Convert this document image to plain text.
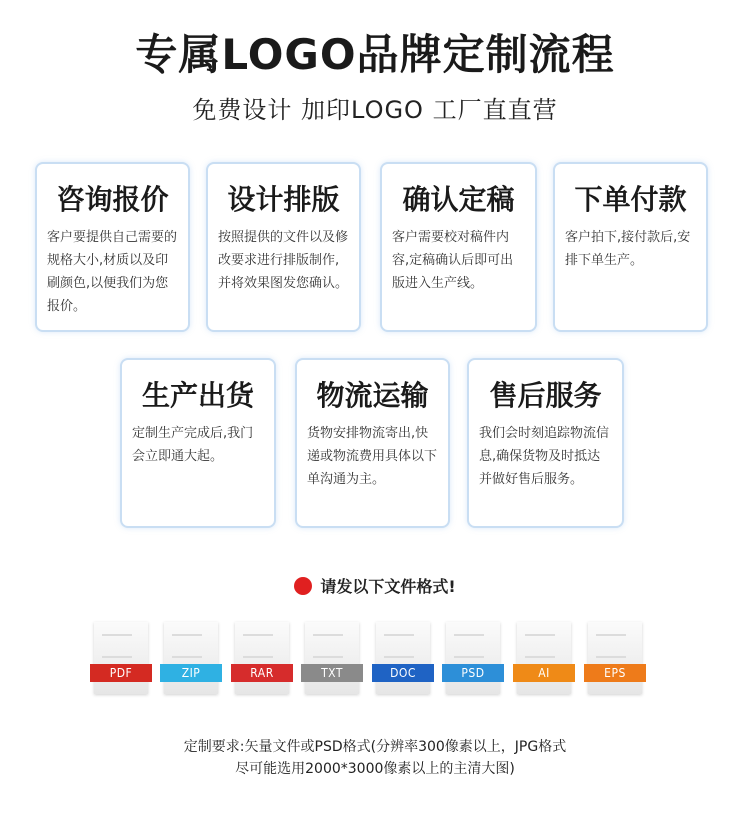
专属LOGO品牌定制流程
免费设计 加印LOGO 工厂直直营
咨询报价
客户要提供自己需要的规格大小,材质以及印刷颜色,以便我们为您报价。
设计排版
按照提供的文件以及修改要求进行排版制作,并将效果图发您确认。
确认定稿
客户需要校对稿件内容,定稿确认后即可出版进入生产线。
下单付款
客户拍下,接付款后,安排下单生产。
生产出货
定制生产完成后,我门会立即通大起。
物流运输
货物安排物流寄出,快递或物流费用具体以下单沟通为主。
售后服务
我们会时刻追踪物流信息,确保货物及时抵达并做好售后服务。
请发以下文件格式!
PDF	ZIP	RAR	TXT	DOC	PSD	AI	EPS
定制要求:矢量文件或PSD格式(分辨率300像素以上，JPG格式
尽可能选用2000*3000像素以上的主清大图)
